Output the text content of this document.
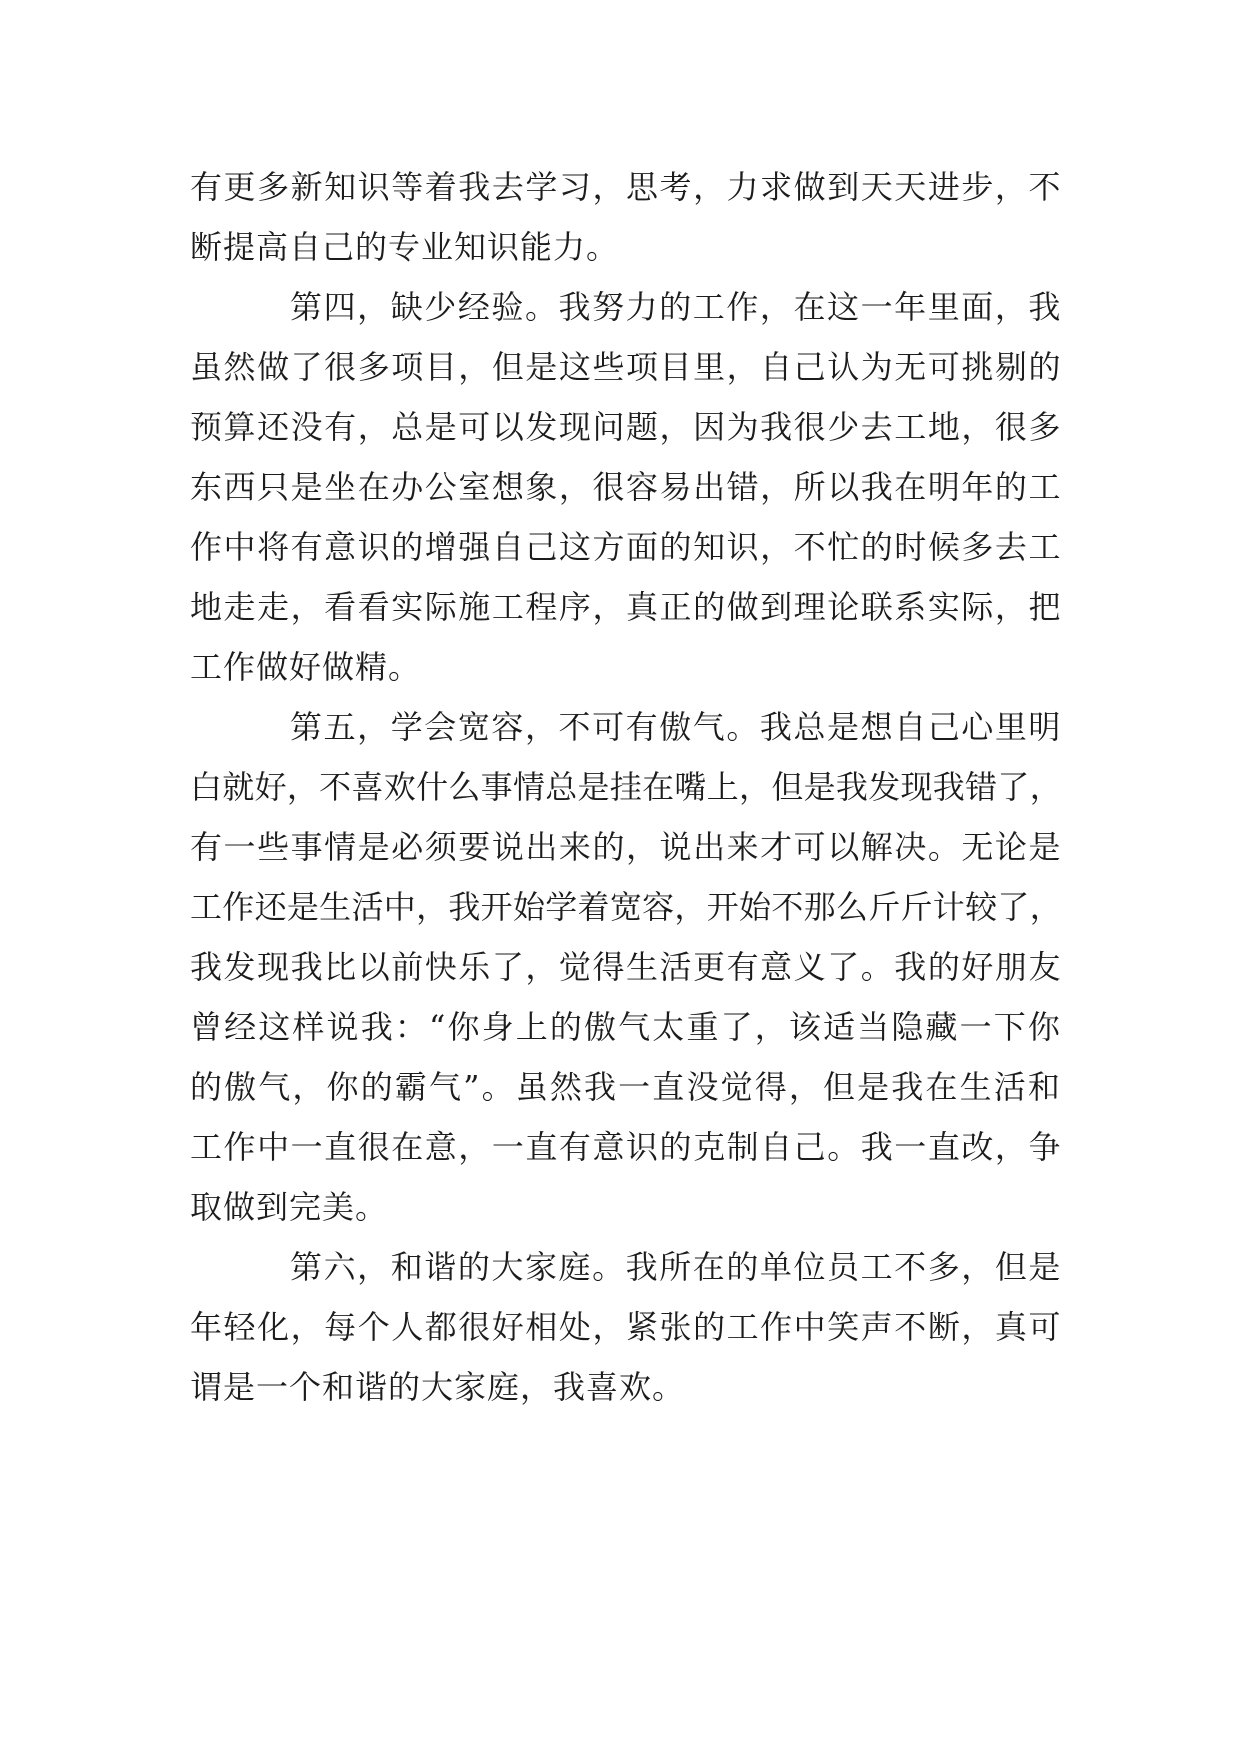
有更多新知识等着我去学习，思考，力求做到天天进步，不
断提高自己的专业知识能力。
第四，缺少经验。我努力的工作，在这一年里面，我
虽然做了很多项目，但是这些项目里，自己认为无可挑剔的
预算还没有，总是可以发现问题，因为我很少去工地，很多
东西只是坐在办公室想象，很容易出错，所以我在明年的工
作中将有意识的增强自己这方面的知识，不忙的时候多去工
地走走，看看实际施工程序，真正的做到理论联系实际，把
工作做好做精。
第五，学会宽容，不可有傲气。我总是想自己心里明
白就好，不喜欢什么事情总是挂在嘴上，但是我发现我错了，
有一些事情是必须要说出来的，说出来才可以解决。无论是
工作还是生活中，我开始学着宽容，开始不那么斤斤计较了，
我发现我比以前快乐了，觉得生活更有意义了。我的好朋友
曾经这样说我：“你身上的傲气太重了，该适当隐藏一下你
的傲气，你的霸气”。虽然我一直没觉得，但是我在生活和
工作中一直很在意，一直有意识的克制自己。我一直改，争
取做到完美。
第六，和谐的大家庭。我所在的单位员工不多，但是
年轻化，每个人都很好相处，紧张的工作中笑声不断，真可
谓是一个和谐的大家庭，我喜欢。
